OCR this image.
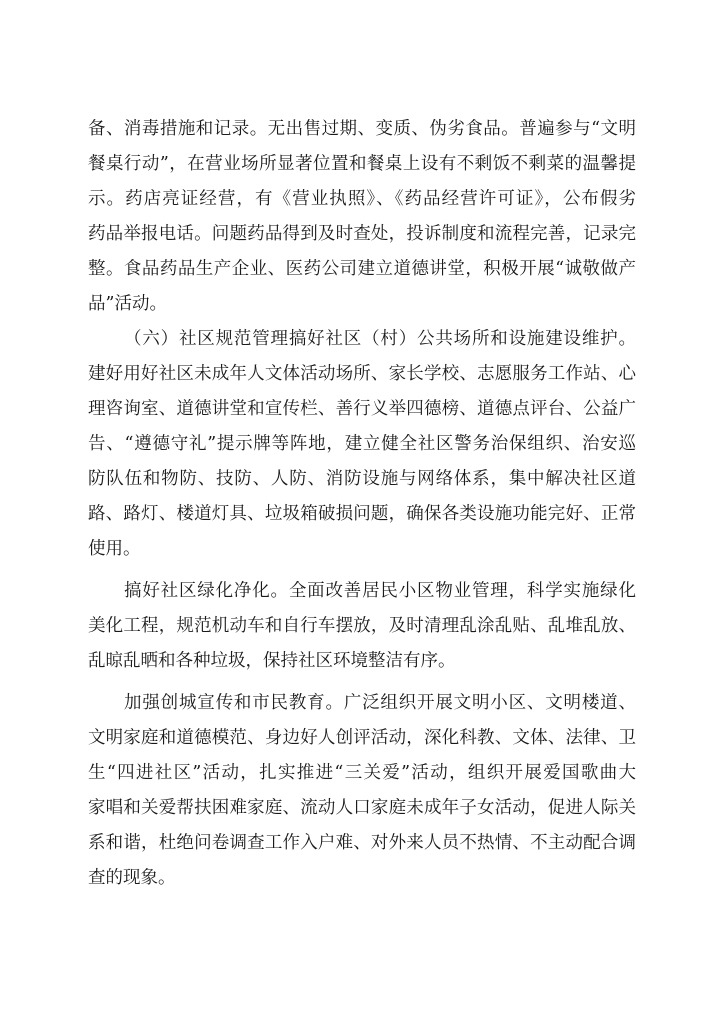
备、消毒措施和记录。无出售过期、变质、伪劣食品。普遍参与“文明
餐桌行动”，在营业场所显著位置和餐桌上设有不剩饭不剩菜的温馨提
示。药店亮证经营，有《营业执照》、《药品经营许可证》，公布假劣
药品举报电话。问题药品得到及时查处，投诉制度和流程完善，记录完
整。食品药品生产企业、医药公司建立道德讲堂，积极开展“诚敬做产
品”活动。
（六）社区规范管理搞好社区（村）公共场所和设施建设维护。
建好用好社区未成年人文体活动场所、家长学校、志愿服务工作站、心
理咨询室、道德讲堂和宣传栏、善行义举四德榜、道德点评台、公益广
告、“遵德守礼”提示牌等阵地，建立健全社区警务治保组织、治安巡
防队伍和物防、技防、人防、消防设施与网络体系，集中解决社区道
路、路灯、楼道灯具、垃圾箱破损问题，确保各类设施功能完好、正常
使用。
搞好社区绿化净化。全面改善居民小区物业管理，科学实施绿化
美化工程，规范机动车和自行车摆放，及时清理乱涂乱贴、乱堆乱放、
乱晾乱晒和各种垃圾，保持社区环境整洁有序。
加强创城宣传和市民教育。广泛组织开展文明小区、文明楼道、
文明家庭和道德模范、身边好人创评活动，深化科教、文体、法律、卫
生“四进社区”活动，扎实推进“三关爱”活动，组织开展爱国歌曲大
家唱和关爱帮扶困难家庭、流动人口家庭未成年子女活动，促进人际关
系和谐，杜绝问卷调查工作入户难、对外来人员不热情、不主动配合调
查的现象。
